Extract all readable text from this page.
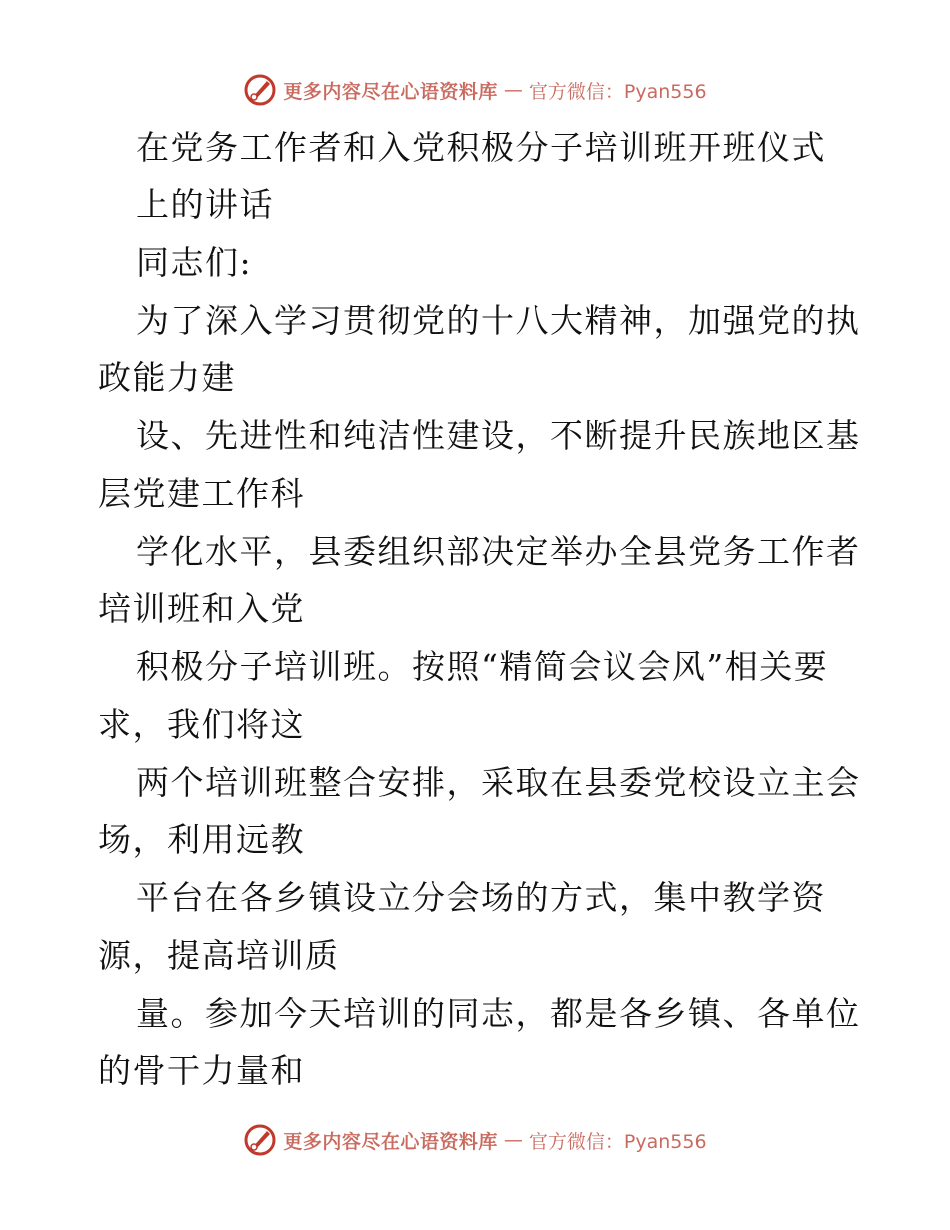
更多内容尽在心语资料库 — 官方微信：Pyan556
在党务工作者和入党积极分子培训班开班仪式
上的讲话
同志们:
为了深入学习贯彻党的十八大精神，加强党的执
政能力建
设、先进性和纯洁性建设，不断提升民族地区基
层党建工作科
学化水平，县委组织部决定举办全县党务工作者
培训班和入党
积极分子培训班。按照“精简会议会风”相关要
求，我们将这
两个培训班整合安排，采取在县委党校设立主会
场，利用远教
平台在各乡镇设立分会场的方式，集中教学资
源，提高培训质
量。参加今天培训的同志，都是各乡镇、各单位
的骨干力量和
更多内容尽在心语资料库 — 官方微信：Pyan556
